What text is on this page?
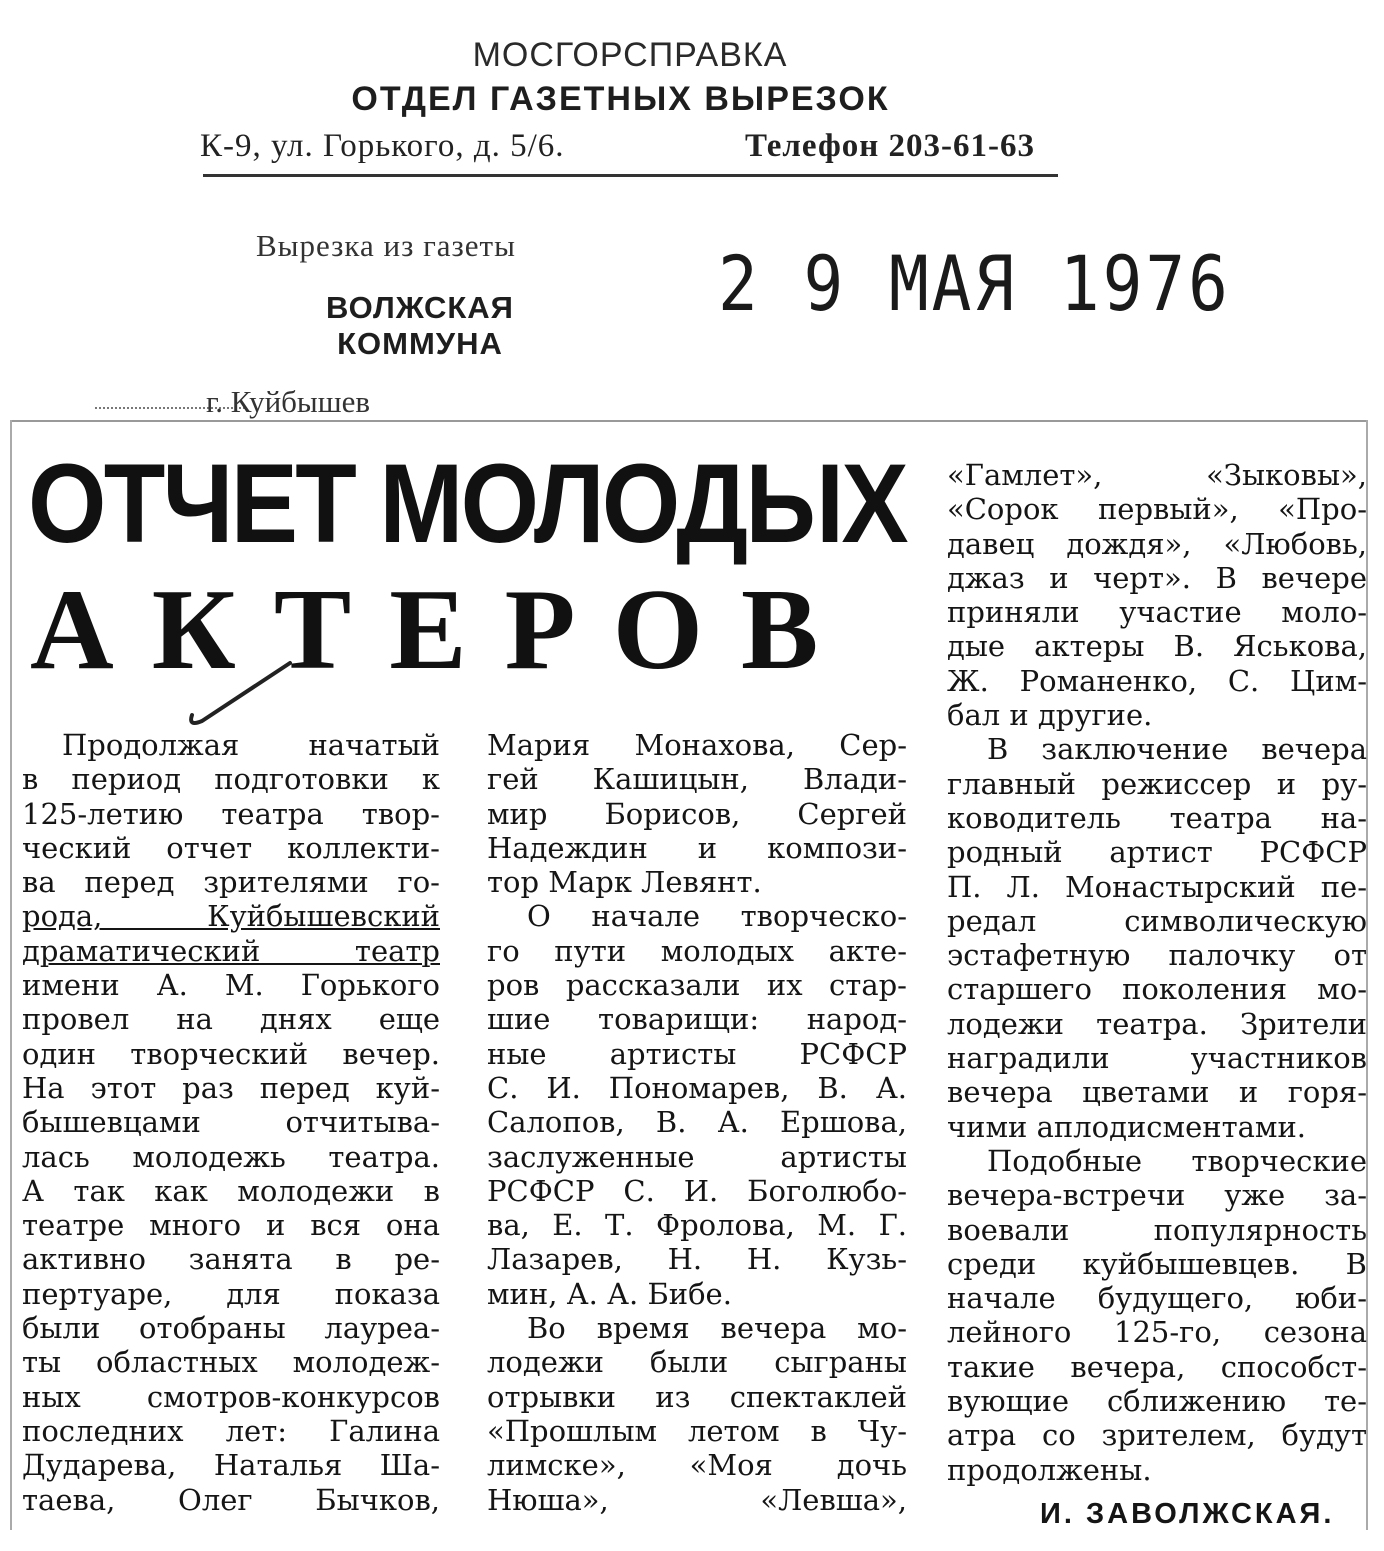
МОСГОРСПРАВКА
ОТДЕЛ ГАЗЕТНЫХ ВЫРЕЗОК
К-9, ул. Горького, д. 5/6.	Телефон 203-61-63
Вырезка из газеты
ВОЛЖСКАЯ
КОММУНА
г. Куйбышев
2 9 МАЯ 1976
ОТЧЕТ МОЛОДЫХ
АКТЕРОВ
Продолжая начатый
в период подготовки к
125-летию театра твор-
ческий отчет коллекти-
ва перед зрителями го-
рода, Куйбышевский
драматический театр
имени А. М. Горького
провел на днях еще
один творческий вечер.
На этот раз перед куй-
бышевцами отчитыва-
лась молодежь театра.
А так как молодежи в
театре много и вся она
активно занята в ре-
пертуаре, для показа
были отобраны лауреа-
ты областных молодеж-
ных смотров-конкурсов
последних лет: Галина
Дударева, Наталья Ша-
таева, Олег Бычков,
Мария Монахова, Сер-
гей Кашицын, Влади-
мир Борисов, Сергей
Надеждин и компози-
тор Марк Левянт.
О начале творческо-
го пути молодых акте-
ров рассказали их стар-
шие товарищи: народ-
ные артисты РСФСР
С. И. Пономарев, В. А.
Салопов, В. А. Ершова,
заслуженные артисты
РСФСР С. И. Боголюбо-
ва, Е. Т. Фролова, М. Г.
Лазарев, Н. Н. Кузь-
мин, А. А. Бибе.
Во время вечера мо-
лодежи были сыграны
отрывки из спектаклей
«Прошлым летом в Чу-
лимске», «Моя дочь
Нюша», «Левша»,
«Гамлет», «Зыковы»,
«Сорок первый», «Про-
давец дождя», «Любовь,
джаз и черт». В вечере
приняли участие моло-
дые актеры В. Яськова,
Ж. Романенко, С. Цим-
бал и другие.
В заключение вечера
главный режиссер и ру-
ководитель театра на-
родный артист РСФСР
П. Л. Монастырский пе-
редал символическую
эстафетную палочку от
старшего поколения мо-
лодежи театра. Зрители
наградили участников
вечера цветами и горя-
чими аплодисментами.
Подобные творческие
вечера-встречи уже за-
воевали популярность
среди куйбышевцев. В
начале будущего, юби-
лейного 125-го, сезона
такие вечера, способст-
вующие сближению те-
атра со зрителем, будут
продолжены.
И. ЗАВОЛЖСКАЯ.
